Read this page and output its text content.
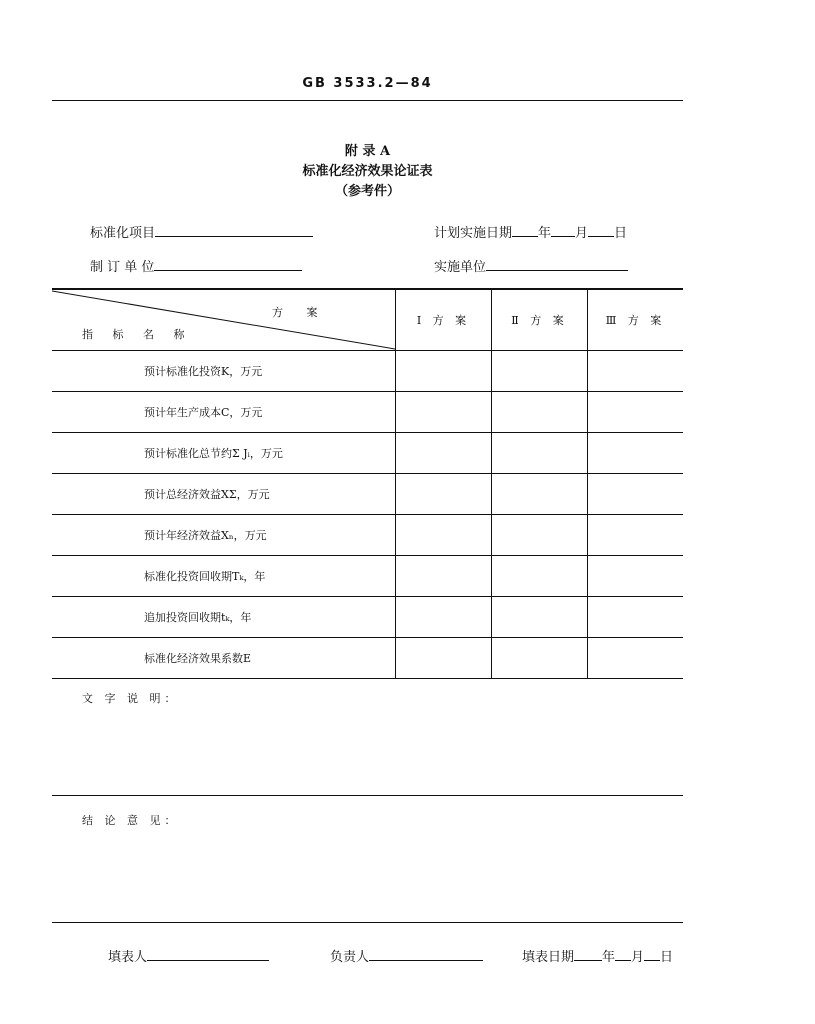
GB 3533.2—84
附 录 A
标准化经济效果论证表
（参考件）
标准化项目	计划实施日期 年 月 日
制 订 单 位	实施单位
方 案
指 标 名 称	Ⅰ 方 案	Ⅱ 方 案	Ⅲ 方 案
预计标准化投资K，万元			
预计年生产成本C，万元			
预计标准化总节约Σ Jᵢ，万元			
预计总经济效益XΣ，万元			
预计年经济效益Xₙ，万元			
标准化投资回收期Tₖ，年			
追加投资回收期tₖ，年			
标准化经济效果系数E			
文 字 说 明：
结 论 意 见：
填表人	负责人	填表日期 年 月 日
